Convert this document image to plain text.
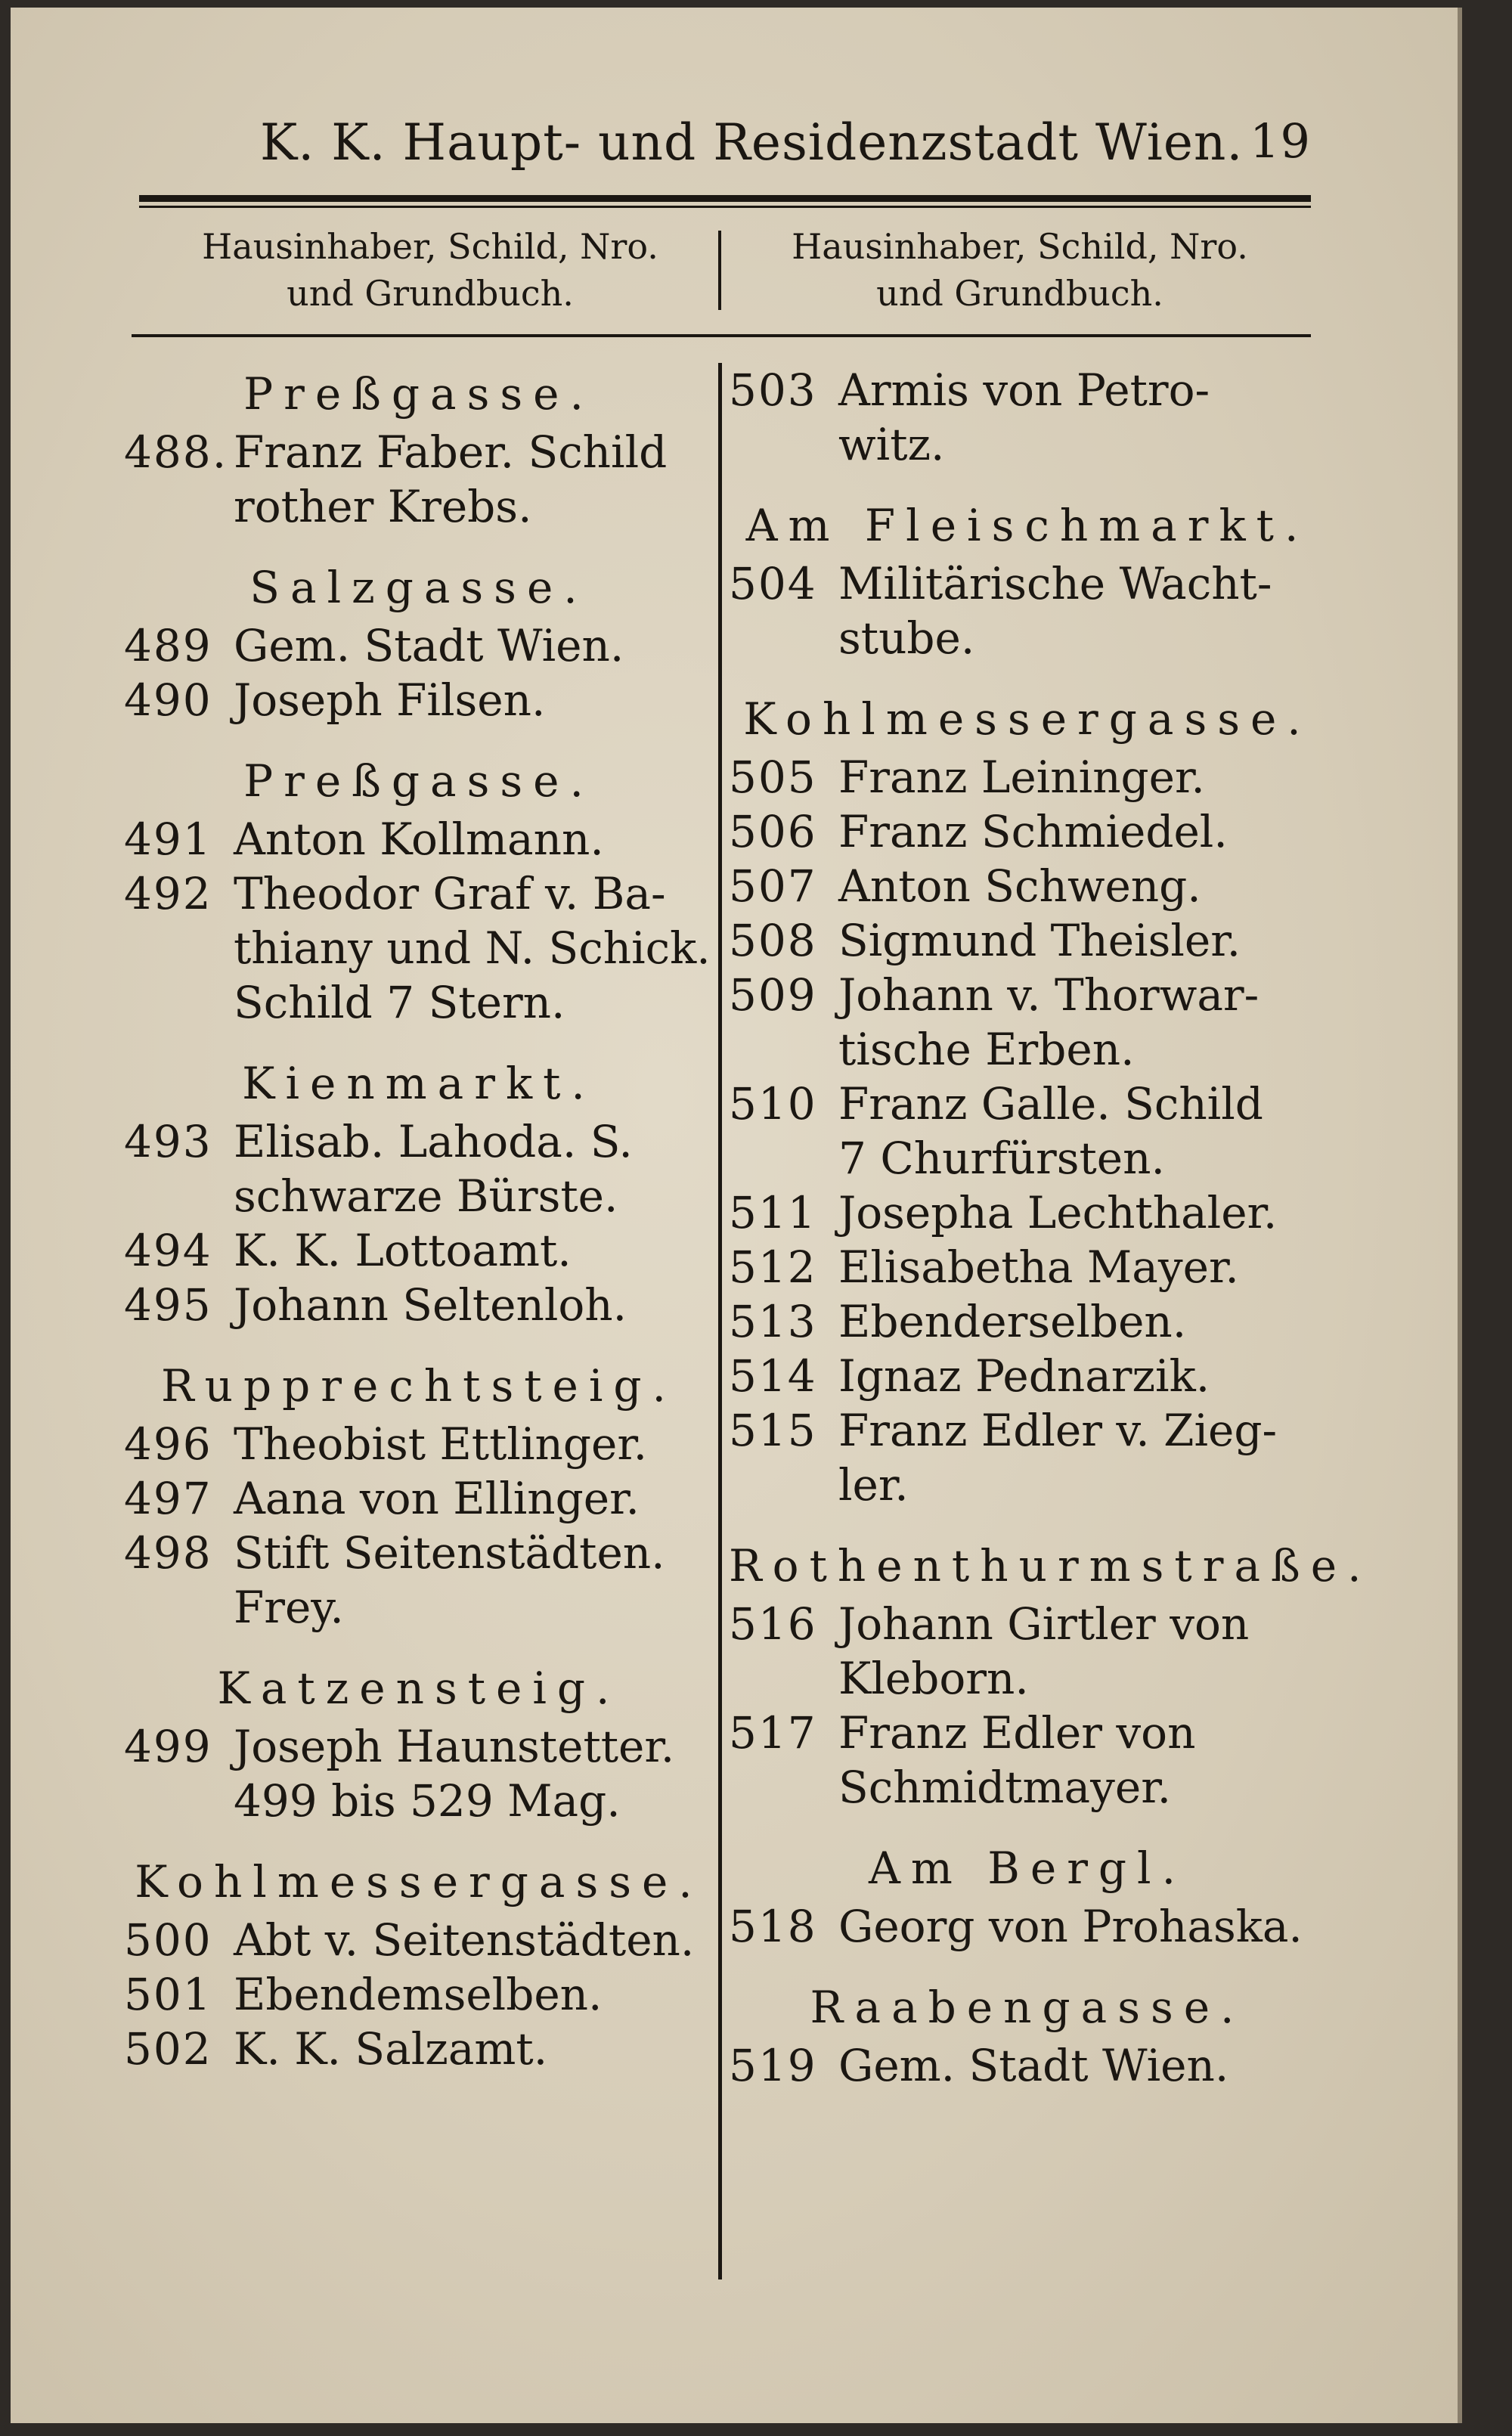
K. K. Haupt- und Residenzstadt Wien. 19
Hausinhaber, Schild, Nro.
und Grundbuch.
Hausinhaber, Schild, Nro.
und Grundbuch.
Preßgasse.
488. Franz Faber. Schild
rother Krebs.
Salzgasse.
489 Gem. Stadt Wien.
490 Joseph Filsen.
Preßgasse.
491 Anton Kollmann.
492 Theodor Graf v. Ba-
thiany und N. Schick.
Schild 7 Stern.
Kienmarkt.
493 Elisab. Lahoda. S.
schwarze Bürste.
494 K. K. Lottoamt.
495 Johann Seltenloh.
Rupprechtsteig.
496 Theobist Ettlinger.
497 Aana von Ellinger.
498 Stift Seitenstädten.
Frey.
Katzensteig.
499 Joseph Haunstetter.
499 bis 529 Mag.
Kohlmessergasse.
500 Abt v. Seitenstädten.
501 Ebendemselben.
502 K. K. Salzamt.
503 Armis von Petro-
witz.
Am Fleischmarkt.
504 Militärische Wacht-
stube.
Kohlmessergasse.
505 Franz Leininger.
506 Franz Schmiedel.
507 Anton Schweng.
508 Sigmund Theisler.
509 Johann v. Thorwar-
tische Erben.
510 Franz Galle. Schild
7 Churfürsten.
511 Josepha Lechthaler.
512 Elisabetha Mayer.
513 Ebenderselben.
514 Ignaz Pednarzik.
515 Franz Edler v. Zieg-
ler.
Rothenthurmstraße.
516 Johann Girtler von
Kleborn.
517 Franz Edler von
Schmidtmayer.
Am Bergl.
518 Georg von Prohaska.
Raabengasse.
519 Gem. Stadt Wien.
